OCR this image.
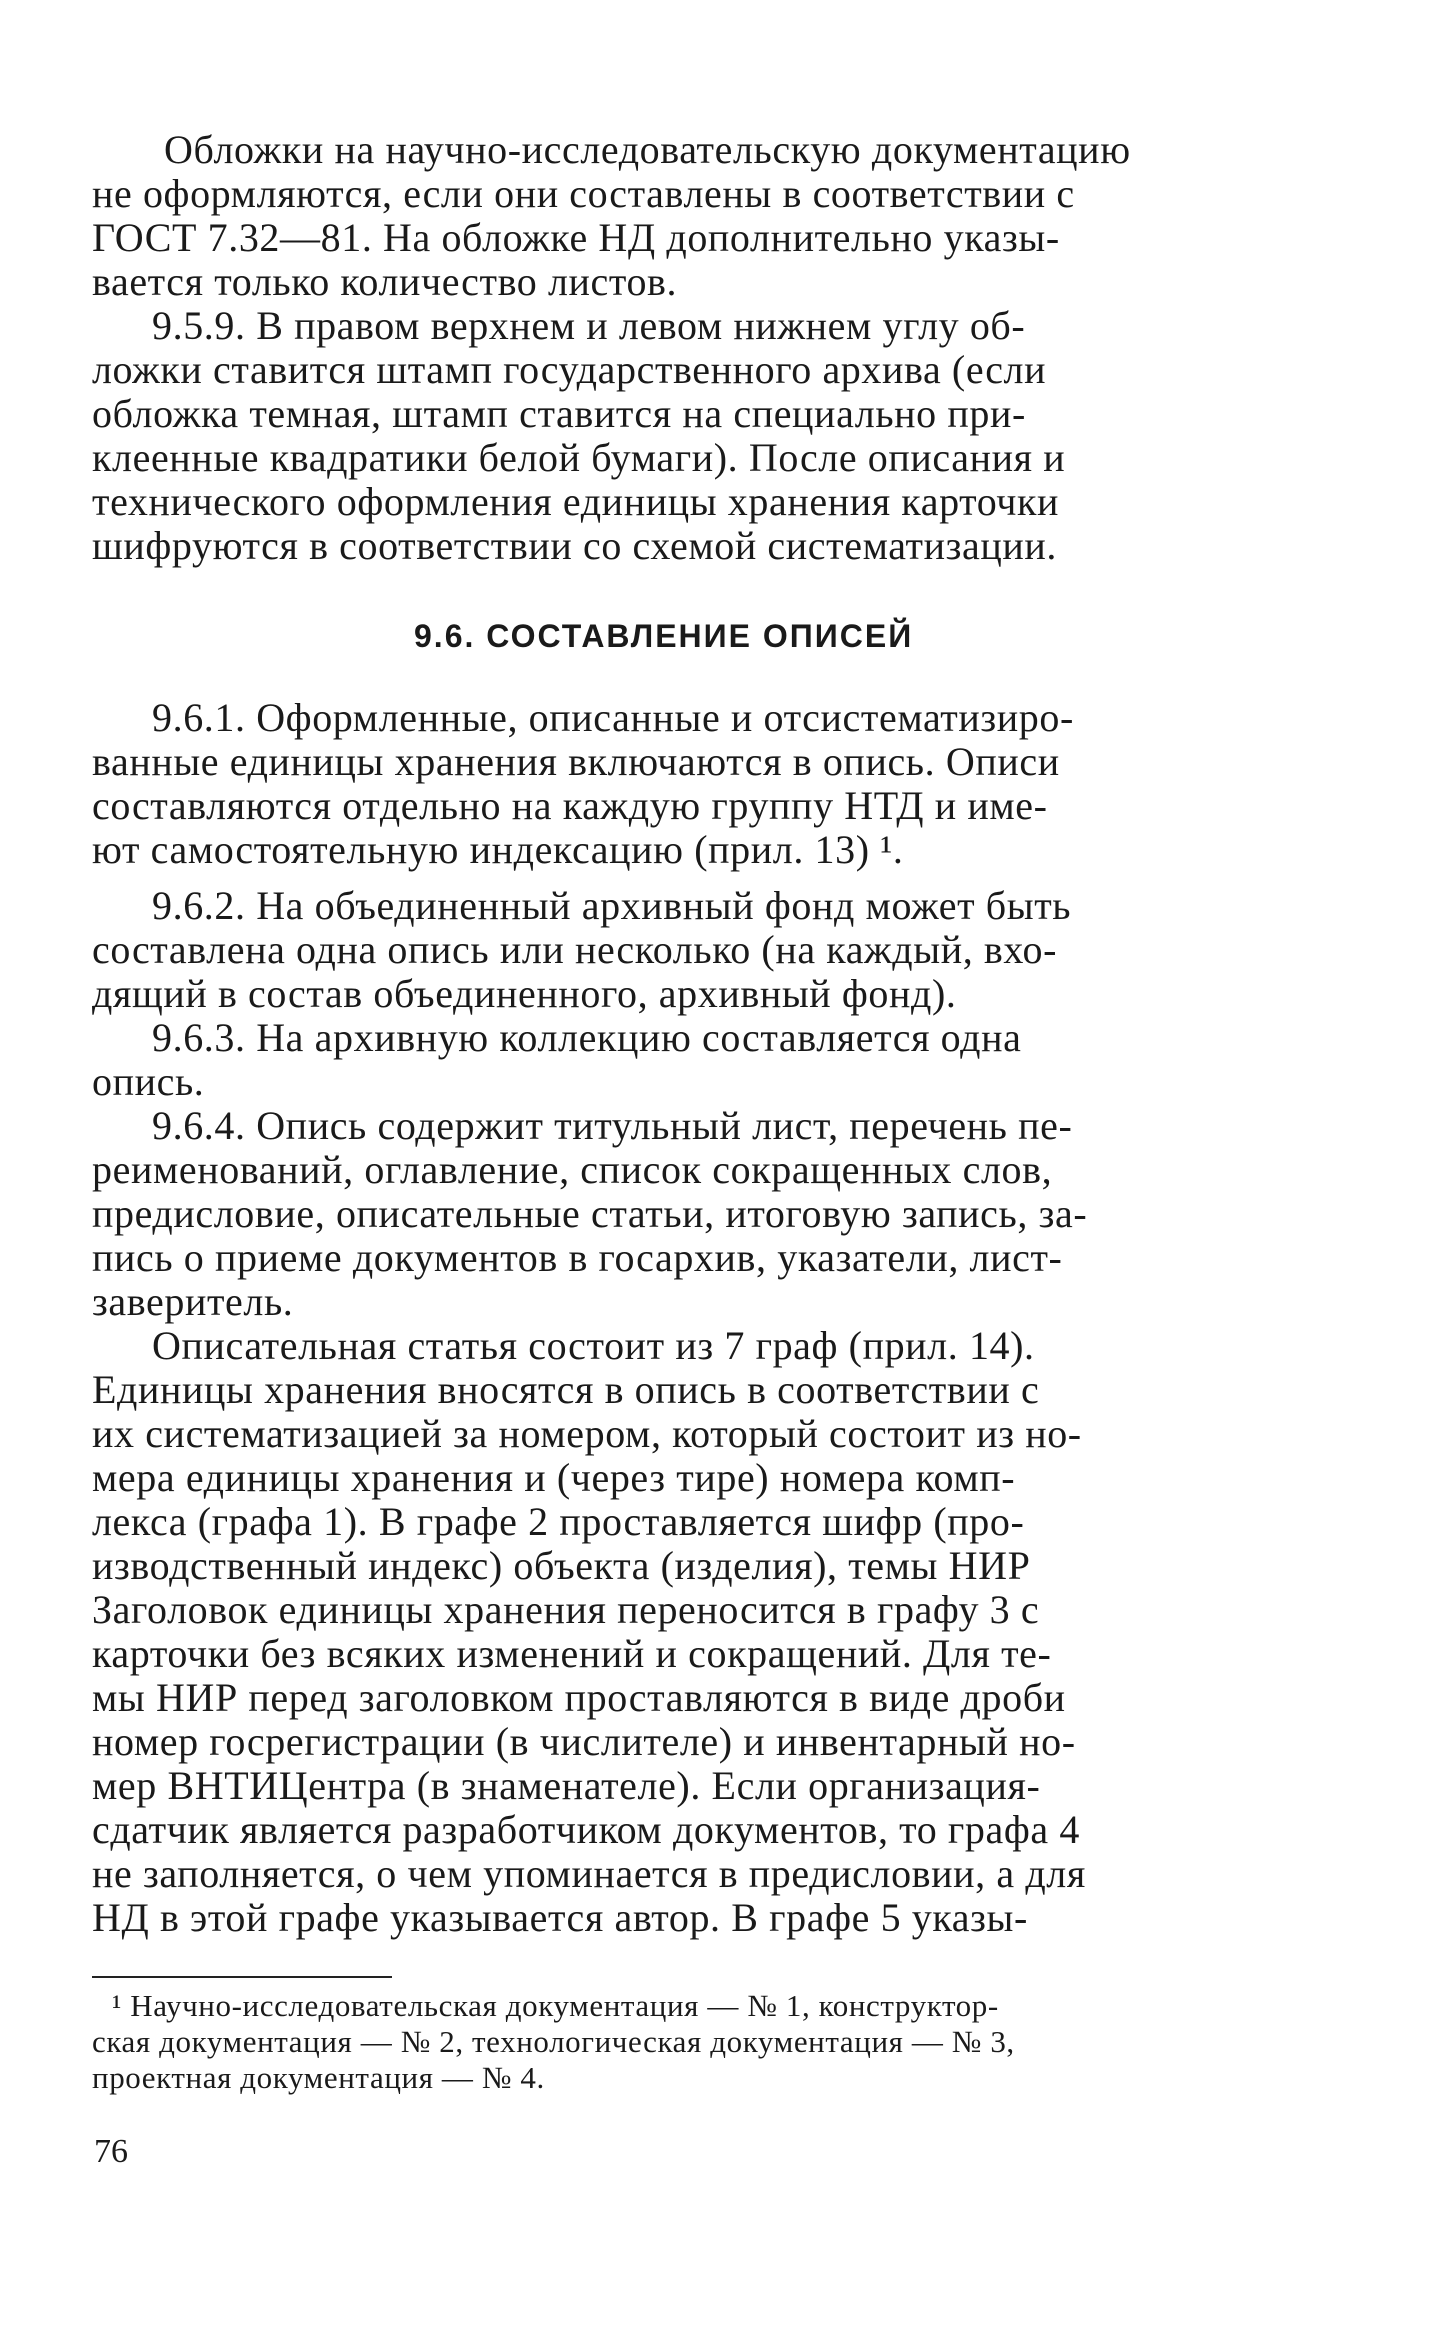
Обложки на научно-исследовательскую документацию
не оформляются, если они составлены в соответствии с
ГОСТ 7.32—81. На обложке НД дополнительно указы-
вается только количество листов.
9.5.9. В правом верхнем и левом нижнем углу об-
ложки ставится штамп государственного архива (если
обложка темная, штамп ставится на специально при-
клеенные квадратики белой бумаги). После описания и
технического оформления единицы хранения карточки
шифруются в соответствии со схемой систематизации.
9.6. СОСТАВЛЕНИЕ ОПИСЕЙ
9.6.1. Оформленные, описанные и отсистематизиро-
ванные единицы хранения включаются в опись. Описи
составляются отдельно на каждую группу НТД и име-
ют самостоятельную индексацию (прил. 13) ¹.
9.6.2. На объединенный архивный фонд может быть
составлена одна опись или несколько (на каждый, вхо-
дящий в состав объединенного, архивный фонд).
9.6.3. На архивную коллекцию составляется одна
опись.
9.6.4. Опись содержит титульный лист, перечень пе-
реименований, оглавление, список сокращенных слов,
предисловие, описательные статьи, итоговую запись, за-
пись о приеме документов в госархив, указатели, лист-
заверитель.
Описательная статья состоит из 7 граф (прил. 14).
Единицы хранения вносятся в опись в соответствии с
их систематизацией за номером, который состоит из но-
мера единицы хранения и (через тире) номера комп-
лекса (графа 1). В графе 2 проставляется шифр (про-
изводственный индекс) объекта (изделия), темы НИР
Заголовок единицы хранения переносится в графу 3 с
карточки без всяких изменений и сокращений. Для те-
мы НИР перед заголовком проставляются в виде дроби
номер госрегистрации (в числителе) и инвентарный но-
мер ВНТИЦентра (в знаменателе). Если организация-
сдатчик является разработчиком документов, то графа 4
не заполняется, о чем упоминается в предисловии, а для
НД в этой графе указывается автор. В графе 5 указы-
¹ Научно-исследовательская документация — № 1, конструктор-
ская документация — № 2, технологическая документация — № 3,
проектная документация — № 4.
76
